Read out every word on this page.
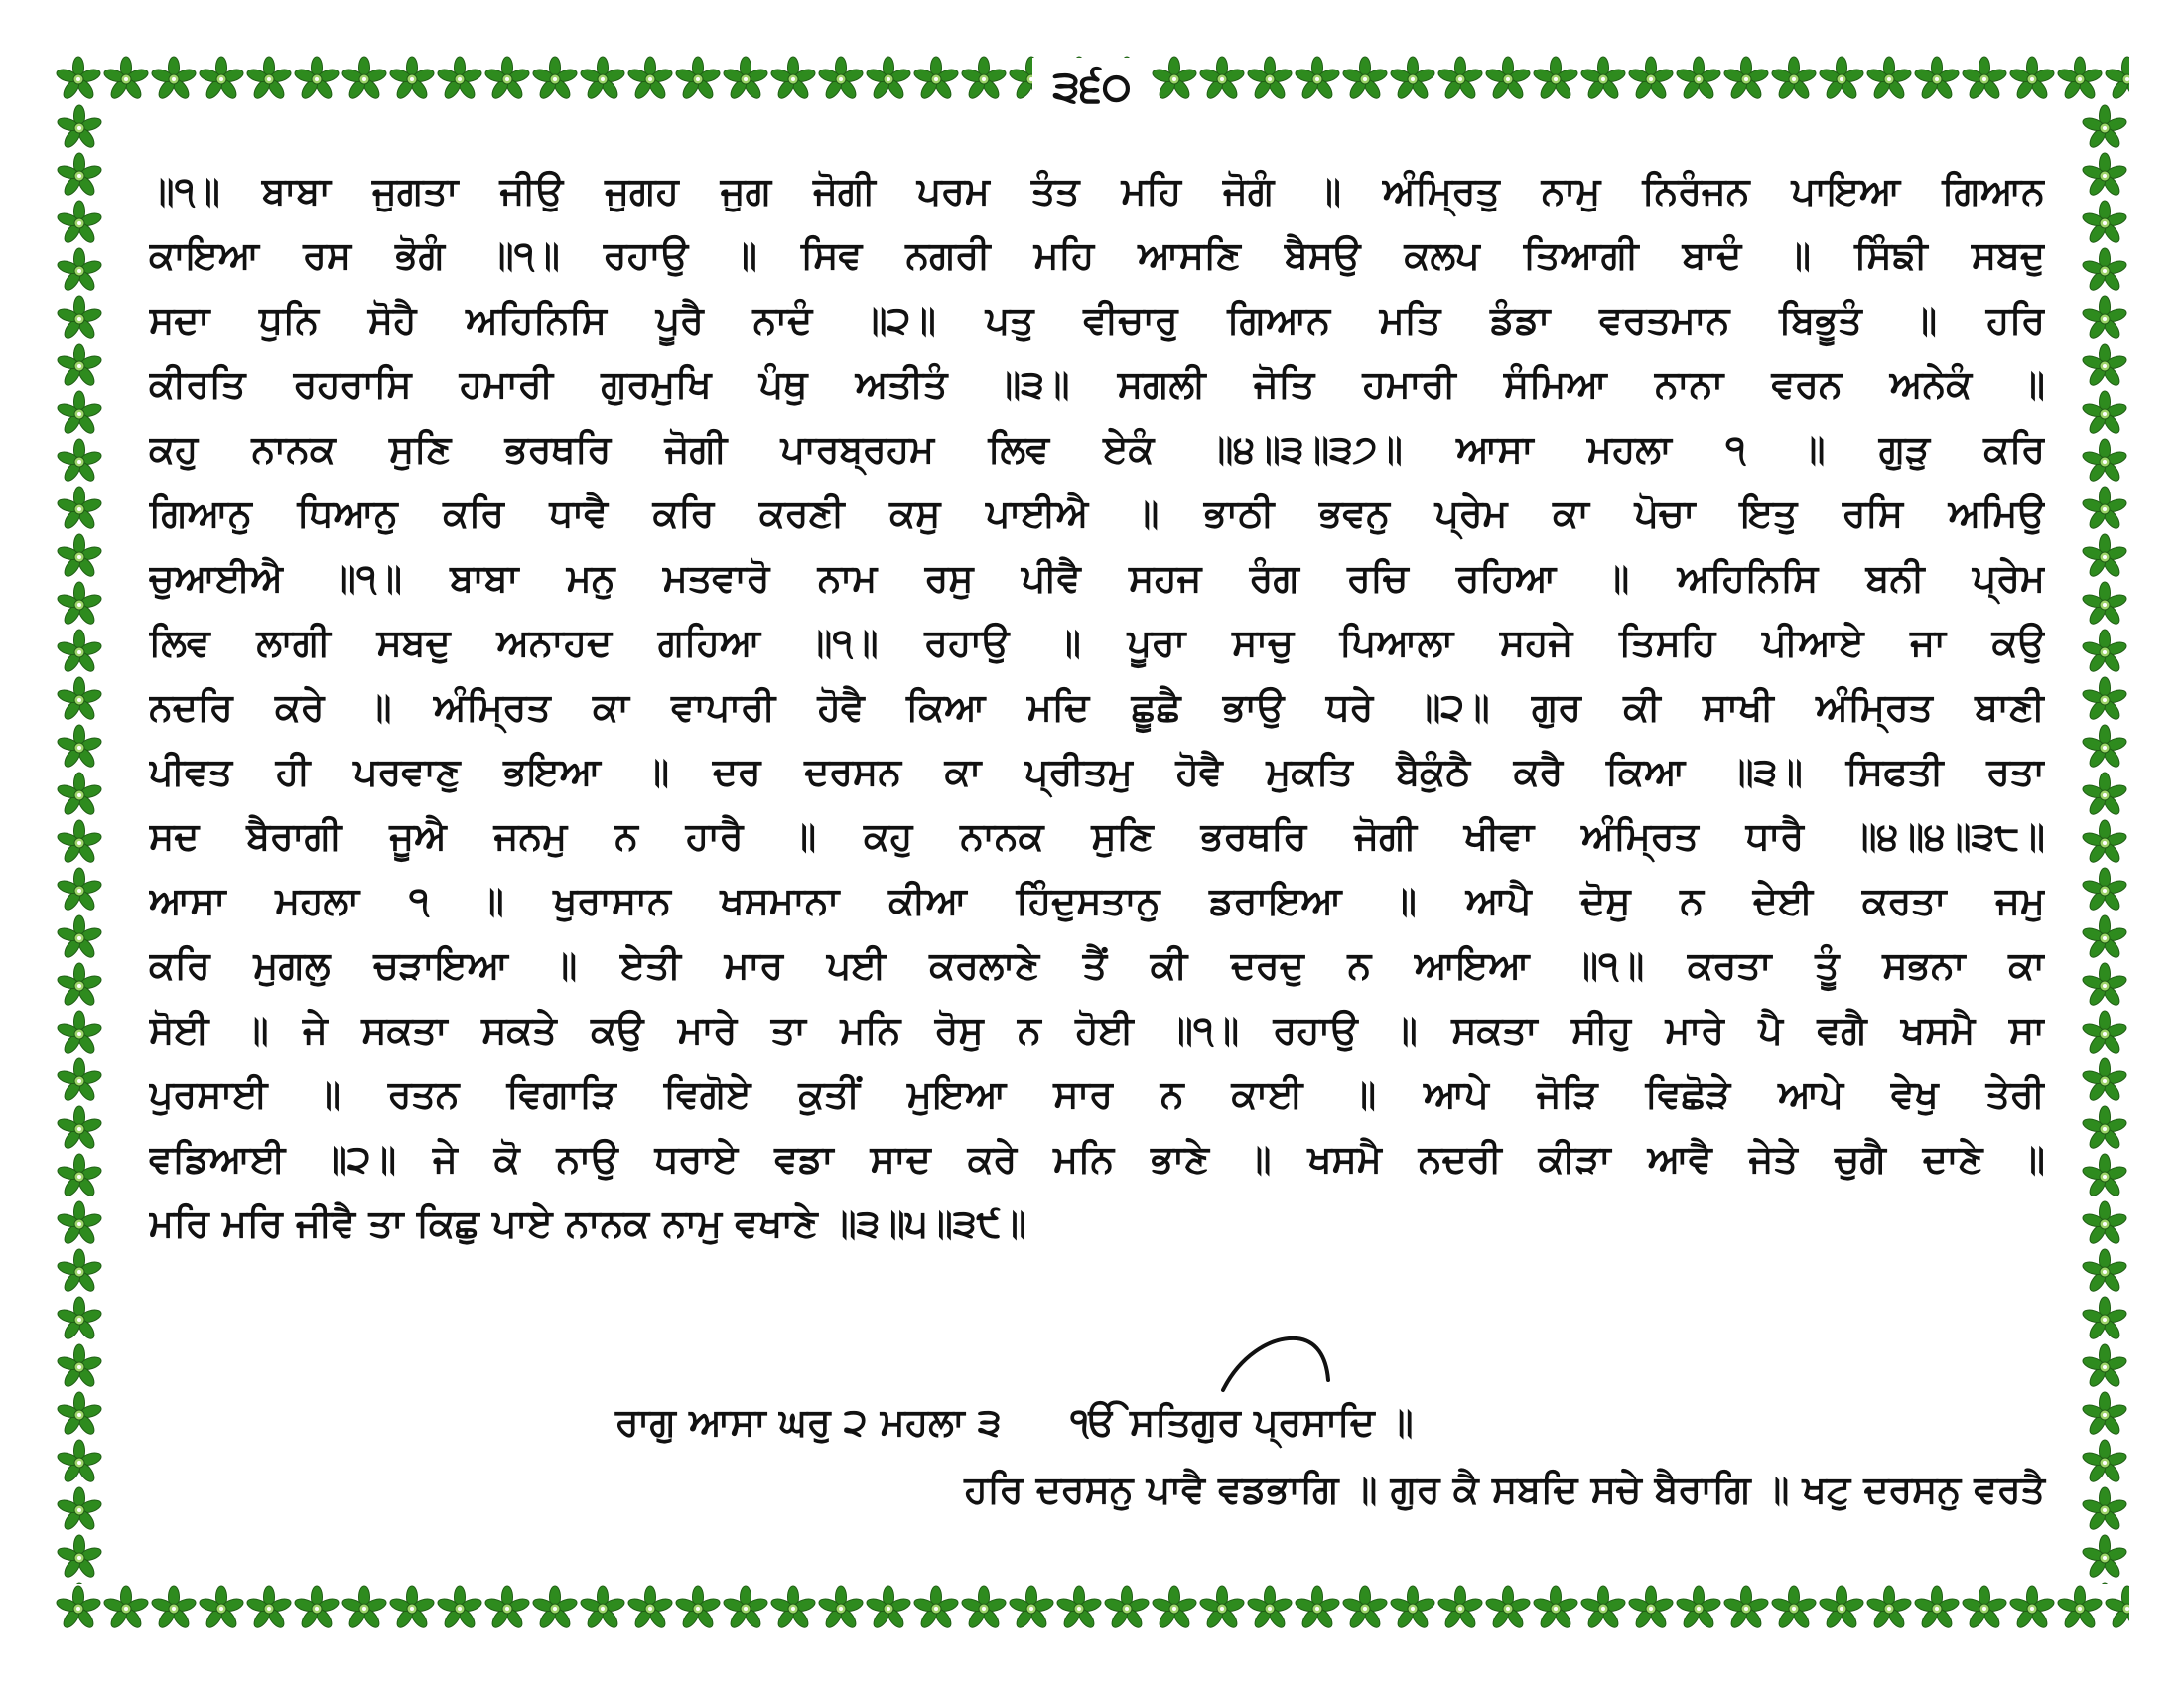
੩੬੦
॥੧॥ ਬਾਬਾ ਜੁਗਤਾ ਜੀਉ ਜੁਗਹ ਜੁਗ ਜੋਗੀ ਪਰਮ ਤੰਤ ਮਹਿ ਜੋਗੰ ॥ ਅੰਮ੍ਰਿਤੁ ਨਾਮੁ ਨਿਰੰਜਨ ਪਾਇਆ ਗਿਆਨ
ਕਾਇਆ ਰਸ ਭੋਗੰ ॥੧॥ ਰਹਾਉ ॥ ਸਿਵ ਨਗਰੀ ਮਹਿ ਆਸਣਿ ਬੈਸਉ ਕਲਪ ਤਿਆਗੀ ਬਾਦੰ ॥ ਸਿੰਙੀ ਸਬਦੁ
ਸਦਾ ਧੁਨਿ ਸੋਹੈ ਅਹਿਨਿਸਿ ਪੂਰੈ ਨਾਦੰ ॥੨॥ ਪਤੁ ਵੀਚਾਰੁ ਗਿਆਨ ਮਤਿ ਡੰਡਾ ਵਰਤਮਾਨ ਬਿਭੂਤੰ ॥ ਹਰਿ
ਕੀਰਤਿ ਰਹਰਾਸਿ ਹਮਾਰੀ ਗੁਰਮੁਖਿ ਪੰਥੁ ਅਤੀਤੰ ॥੩॥ ਸਗਲੀ ਜੋਤਿ ਹਮਾਰੀ ਸੰਮਿਆ ਨਾਨਾ ਵਰਨ ਅਨੇਕੰ ॥
ਕਹੁ ਨਾਨਕ ਸੁਣਿ ਭਰਥਰਿ ਜੋਗੀ ਪਾਰਬ੍ਰਹਮ ਲਿਵ ਏਕੰ ॥੪॥੩॥੩੭॥ ਆਸਾ ਮਹਲਾ ੧ ॥ ਗੁੜੁ ਕਰਿ
ਗਿਆਨੁ ਧਿਆਨੁ ਕਰਿ ਧਾਵੈ ਕਰਿ ਕਰਣੀ ਕਸੁ ਪਾਈਐ ॥ ਭਾਠੀ ਭਵਨੁ ਪ੍ਰੇਮ ਕਾ ਪੋਚਾ ਇਤੁ ਰਸਿ ਅਮਿਉ
ਚੁਆਈਐ ॥੧॥ ਬਾਬਾ ਮਨੁ ਮਤਵਾਰੋ ਨਾਮ ਰਸੁ ਪੀਵੈ ਸਹਜ ਰੰਗ ਰਚਿ ਰਹਿਆ ॥ ਅਹਿਨਿਸਿ ਬਨੀ ਪ੍ਰੇਮ
ਲਿਵ ਲਾਗੀ ਸਬਦੁ ਅਨਾਹਦ ਗਹਿਆ ॥੧॥ ਰਹਾਉ ॥ ਪੂਰਾ ਸਾਚੁ ਪਿਆਲਾ ਸਹਜੇ ਤਿਸਹਿ ਪੀਆਏ ਜਾ ਕਉ
ਨਦਰਿ ਕਰੇ ॥ ਅੰਮ੍ਰਿਤ ਕਾ ਵਾਪਾਰੀ ਹੋਵੈ ਕਿਆ ਮਦਿ ਛੂਛੈ ਭਾਉ ਧਰੇ ॥੨॥ ਗੁਰ ਕੀ ਸਾਖੀ ਅੰਮ੍ਰਿਤ ਬਾਣੀ
ਪੀਵਤ ਹੀ ਪਰਵਾਣੁ ਭਇਆ ॥ ਦਰ ਦਰਸਨ ਕਾ ਪ੍ਰੀਤਮੁ ਹੋਵੈ ਮੁਕਤਿ ਬੈਕੁੰਠੈ ਕਰੈ ਕਿਆ ॥੩॥ ਸਿਫਤੀ ਰਤਾ
ਸਦ ਬੈਰਾਗੀ ਜੂਐ ਜਨਮੁ ਨ ਹਾਰੈ ॥ ਕਹੁ ਨਾਨਕ ਸੁਣਿ ਭਰਥਰਿ ਜੋਗੀ ਖੀਵਾ ਅੰਮ੍ਰਿਤ ਧਾਰੈ ॥੪॥੪॥੩੮॥
ਆਸਾ ਮਹਲਾ ੧ ॥ ਖੁਰਾਸਾਨ ਖਸਮਾਨਾ ਕੀਆ ਹਿੰਦੁਸਤਾਨੁ ਡਰਾਇਆ ॥ ਆਪੈ ਦੋਸੁ ਨ ਦੇਈ ਕਰਤਾ ਜਮੁ
ਕਰਿ ਮੁਗਲੁ ਚੜਾਇਆ ॥ ਏਤੀ ਮਾਰ ਪਈ ਕਰਲਾਣੇ ਤੈਂ ਕੀ ਦਰਦੁ ਨ ਆਇਆ ॥੧॥ ਕਰਤਾ ਤੂੰ ਸਭਨਾ ਕਾ
ਸੋਈ ॥ ਜੇ ਸਕਤਾ ਸਕਤੇ ਕਉ ਮਾਰੇ ਤਾ ਮਨਿ ਰੋਸੁ ਨ ਹੋਈ ॥੧॥ ਰਹਾਉ ॥ ਸਕਤਾ ਸੀਹੁ ਮਾਰੇ ਪੈ ਵਗੈ ਖਸਮੈ ਸਾ
ਪੁਰਸਾਈ ॥ ਰਤਨ ਵਿਗਾੜਿ ਵਿਗੋਏ ਕੁਤੀਂ ਮੁਇਆ ਸਾਰ ਨ ਕਾਈ ॥ ਆਪੇ ਜੋੜਿ ਵਿਛੋੜੇ ਆਪੇ ਵੇਖੁ ਤੇਰੀ
ਵਡਿਆਈ ॥੨॥ ਜੇ ਕੋ ਨਾਉ ਧਰਾਏ ਵਡਾ ਸਾਦ ਕਰੇ ਮਨਿ ਭਾਣੇ ॥ ਖਸਮੈ ਨਦਰੀ ਕੀੜਾ ਆਵੈ ਜੇਤੇ ਚੁਗੈ ਦਾਣੇ ॥
ਮਰਿ ਮਰਿ ਜੀਵੈ ਤਾ ਕਿਛੁ ਪਾਏ ਨਾਨਕ ਨਾਮੁ ਵਖਾਣੇ ॥੩॥੫॥੩੯॥
ਰਾਗੁ ਆਸਾ ਘਰੁ ੨ ਮਹਲਾ ੩ ੴ ਸਤਿਗੁਰ ਪ੍ਰਸਾਦਿ ॥
ਹਰਿ ਦਰਸਨੁ ਪਾਵੈ ਵਡਭਾਗਿ ॥ ਗੁਰ ਕੈ ਸਬਦਿ ਸਚੇ ਬੈਰਾਗਿ ॥ ਖਟੁ ਦਰਸਨੁ ਵਰਤੈ
